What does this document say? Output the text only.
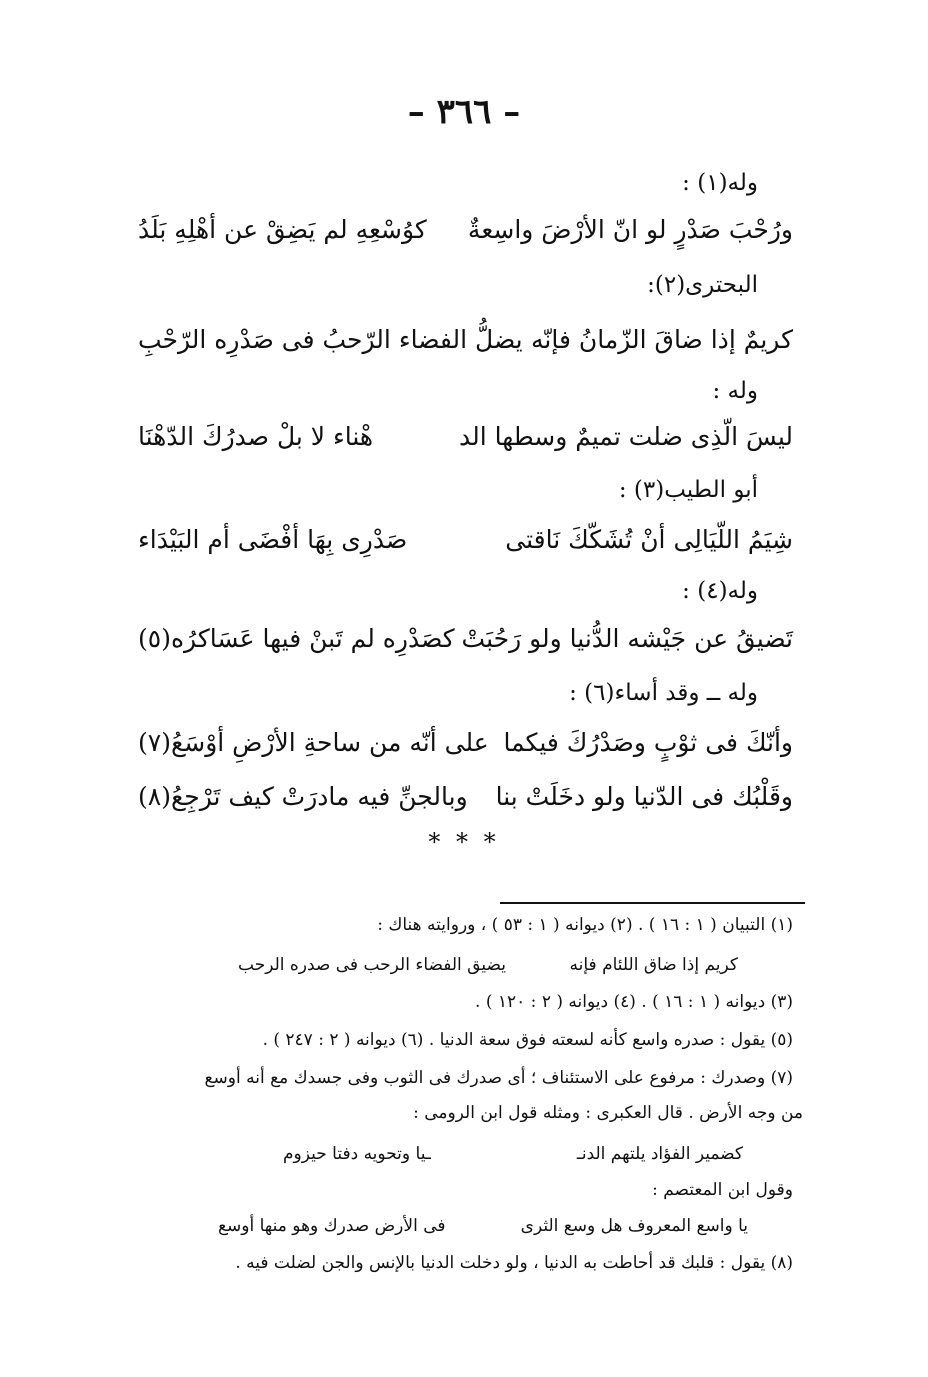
– ٣٦٦ –
وله(١) :
ورُحْبَ صَدْرٍ لو انّ الأرْضَ واسِعةٌ
كوُسْعِهِ لم يَضِقْ عن أهْلِهِ بَلَدُ
البحترى(٢):
كريمٌ إذا ضاقَ الزّمانُ فإنّه
يضلُّ الفضاء الرّحبُ فى صَدْرِه الرّحْبِ
وله :
ليسَ الّذِى ضلت تميمٌ وسطها الد
هْناء لا بلْ صدرُكَ الدّهْنَا
أبو الطيب(٣) :
شِيَمُ اللّيَالِى أنْ تُشَكّكَ نَاقتى
صَدْرِى بِهَا أفْضَى أم البَيْدَاء
وله(٤) :
تَضيقُ عن جَيْشه الدُّنيا ولو رَحُبَتْ
كصَدْرِه لم تَبنْ فيها عَسَاكرُه(٥)
وله ــ وقد أساء(٦) :
وأنّكَ فى ثوْبٍ وصَدْرُكَ فيكما
على أنّه من ساحةِ الأرْضِ أوْسَعُ(٧)
وقَلْبُك فى الدّنيا ولو دخَلَتْ بنا
وبالجنِّ فيه مادرَتْ كيف تَرْجِعُ(٨)
* * *
(١) التبيان ( ١ : ١٦ ) . (٢) ديوانه ( ١ : ٥٣ ) ، وروايته هناك :
كريم إذا ضاق اللئام فإنه
يضيق الفضاء الرحب فى صدره الرحب
(٣) ديوانه ( ١ : ١٦ ) . (٤) ديوانه ( ٢ : ١٢٠ ) .
(٥) يقول : صدره واسع كأنه لسعته فوق سعة الدنيا . (٦) ديوانه ( ٢ : ٢٤٧ ) .
(٧) وصدرك : مرفوع على الاستئناف ؛ أى صدرك فى الثوب وفى جسدك مع أنه أوسع
من وجه الأرض . قال العكبرى : ومثله قول ابن الرومى :
كضمير الفؤاد يلتهم الدنـ
ـيا وتحويه دفتا حيزوم
وقول ابن المعتصم :
يا واسع المعروف هل وسع الثرى
فى الأرض صدرك وهو منها أوسع
(٨) يقول : قلبك قد أحاطت به الدنيا ، ولو دخلت الدنيا بالإنس والجن لضلت فيه .
